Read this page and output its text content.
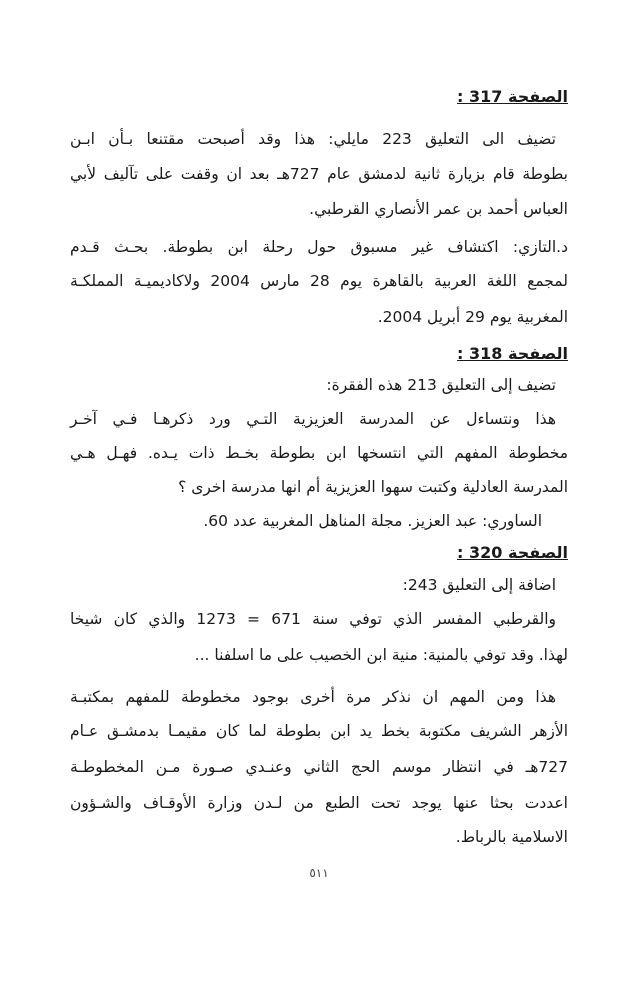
الصفحة 317 :
تضيف الى التعليق 223 مايلي: هذا وقد أصبحت مقتنعا بـأن ابـن
بطوطة قام بزيارة ثانية لدمشق عام 727هـ بعد ان وقفت على تآليف لأبي
العباس أحمد بن عمر الأنصاري القرطبي.
د.التازي: اكتشاف غير مسبوق حول رحلة ابن بطوطة. بحـث قـدم
لمجمع اللغة العربية بالقاهرة يوم 28 مارس 2004 ولاكاديميـة المملكـة
المغربية يوم 29 أبريل 2004.
الصفحة 318 :
تضيف إلى التعليق 213 هذه الفقرة:
هذا ونتساءل عن المدرسة العزيزية التـي ورد ذكرهـا فـي آخـر
مخطوطة المفهم التي انتسخها ابن بطوطة بخـط ذات يـده. فهـل هـي
المدرسة العادلية وكتبت سهوا العزيزية أم انها مدرسة اخرى ؟
الساوري: عبد العزيز. مجلة المناهل المغربية عدد 60.
الصفحة 320 :
اضافة إلى التعليق 243:
والقرطبي المفسر الذي توفي سنة 671 = 1273 والذي كان شيخا
لهذا. وقد توفي بالمنية: منية ابن الخصيب على ما اسلفنا ...
هذا ومن المهم ان نذكر مرة أخرى بوجود مخطوطة للمفهم بمكتبـة
الأزهر الشريف مكتوبة بخط يد ابن بطوطة لما كان مقيمـا بدمشـق عـام
727هـ في انتظار موسم الحج الثاني وعنـدي صـورة مـن المخطوطـة
اعددت بحثا عنها يوجد تحت الطبع من لـدن وزارة الأوقـاف والشـؤون
الاسلامية بالرباط.
٥١١
